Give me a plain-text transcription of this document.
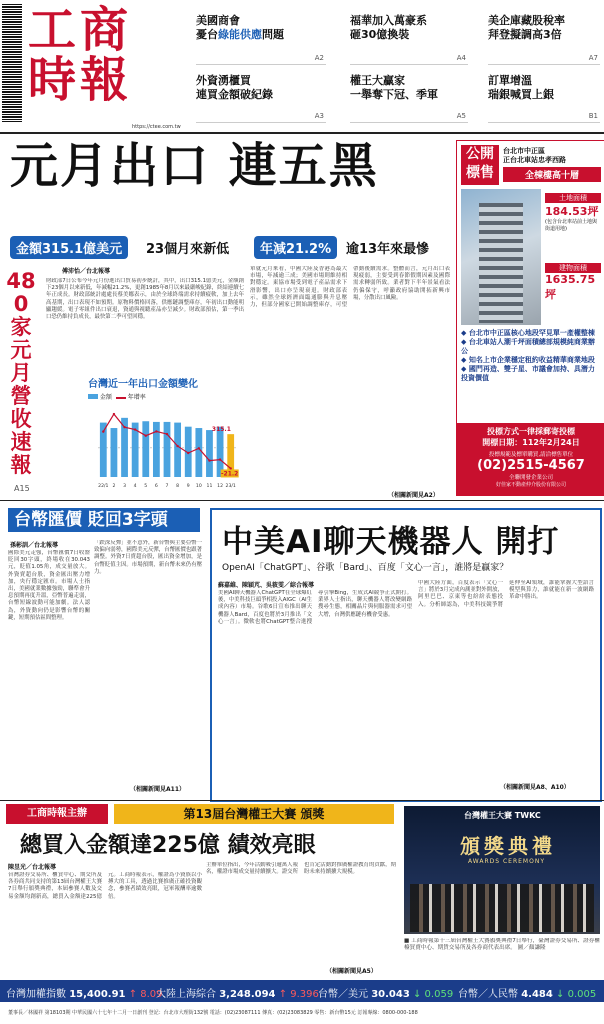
工 商
時 報
https://ctee.com.tw
美國商會
憂台綠能供應問題
A2
福華加入萬豪系
砸30億換裝
A4
美企庫藏股稅率
拜登擬調高3倍
A7
外資湧櫃買
連買金額破紀錄
A3
權王大贏家
一舉奪下冠、季軍
A5
訂單增溫
瑞銀喊買上銀
B1
元月出口 連五黑
金額315.1億美元	23個月來新低	年減21.2%	逾13年來最慘
480家元月營收速報
A15
傅沛怡／台北報導
財政部7日公布今年元月份進出口貿易初步統計，其中，出口315.1億美元，金額創下23個月以來新低，年減幅21.2%，更創1985年8月以來最嚴峻紀錄，終結連續七年正成長。財政部統計處處長蔡美娜表示，由於全球終端需求持續疲軟，加上去年高基期，出口表現不如預期。原物料價格回落，供應鏈調整庫存，年初出口動能明顯趨緩。電子零組件出口衰退，資通與視聽產品亦呈減少。財政部預估，第一季出口恐仍維持負成長，最快第二季可望回穩。
單就元月來看，中國大陸及香港為最大市場，年減逾三成；美國市場則維持相對穩定。東協市場受到電子產品需求下滑影響，出口亦呈現衰退。財政部表示，雖然全球經濟面臨通膨與升息壓力，但部分國家已開始調整庫存，可望帶動後續需求。整體而言，元月出口表現疲弱，主要受到春節假期因素及國際需求轉弱所致。業者對下半年景氣看法仍偏保守，呼籲政府協助開拓新興市場，分散出口風險。
（相關新聞見A2）
台灣近一年出口金額變化
金額	年增率
22/1 2 3 4 5 6 7 8 9 10 11 12 23/1
315.1
-21.2
公開
標售
台北市中正區
正台北車站忠孝西路
全棟樓高十層
土地面積
184.53坪
(包含台北車站前土地與街道用地)
建物面積
1635.75坪
◆ 台北市中正區核心地段罕見單一產權整棟
◆ 台北車站人潮千坪面積總部規模純商業辦公
◆ 知名上市企業穩定租約收益精華商業地段
◆ 國門再造、雙子星、市議會加持、具潛力投資價值
投標方式一律採郵寄投標
開標日期：112年2月24日
投標規範及標單購買,請洽標售單位
(02)2515-4567
全聯開發企業公司
好佳家不動產仲介股份有限公司
台幣匯價 貶回3字頭
孫彬訓／台北報導
國際美元走強，台幣匯價7日收盤貶回30字頭，終場收在30.043元，貶值1.05角，成交量放大。外資賣超台股，資金匯出壓力增加，央行穩定匯市。市場人士指出，美國就業數據強勁，聯準會升息預期再度升溫，亞幣普遍走弱，台幣短線波動可能加劇。法人認為，外資動向仍是影響台幣的關鍵，短期預估區間整理。
「跌深反彈」並不意外，新台幣與主要亞幣一致偏向弱勢，國際美元反彈，台幣匯價也跟著調整。外資7日賣超台股，匯出資金增加，是台幣貶值主因。市場預期，新台幣未來仍有壓力。
（相關新聞見A11）
中美AI聊天機器人 開打
OpenAI「ChatGPT」、谷歌「Bard」、百度「文心一言」，誰將是贏家？
蘇嘉維、陳穎芃、吳筱雯／綜合報導
美國AI聊天機器人ChatGPT在全球爆紅後，中美科技巨頭爭相投入AIGC（AI生成內容）市場。谷歌6日宣布推出聊天機器人Bard，百度也將於3月推出「文心一言」。微軟也將ChatGPT整合進搜尋引擎Bing，生成式AI競爭正式開打。業界人士指出，聊天機器人將改變網路搜尋生態，相關晶片與伺服器需求可望大增，台灣供應鏈有機會受惠。
中國大陸方面，百度表示「文心一言」將於3月完成內測並對外開放，阿里巴巴、京東等也紛紛表態投入。分析師認為，中美科技競爭將延伸至AI領域，誰能掌握大型語言模型與算力，誰就能在新一波網路革命中勝出。
（相關新聞見A8、A10）
工商時報主辦	第13屆台灣權王大賽 頒獎
總買入金額達225億 績效亮眼
陳昱光／台北報導
台灣證券交易所、櫃買中心、期交所及各券商共同支持的第13屆台灣權王大賽7日舉行頒獎典禮，本屆參賽人數及交易金額均創新高，總買入金額達225億元。工商時報表示，權證為小資族以小搏大的工具，透過比賽推廣正確投資觀念，參賽者績效亮眼，冠軍報酬率逾數倍。
主辦單位指出，今年活動吸引逾萬人報名，權證市場成交量持續擴大。證交所也肯定活動對推廣權證教育的貢獻，期盼未來持續擴大規模。
（相關新聞見A5）
台灣權王大賽 TWKC
頒獎典禮
AWARDS CEREMONY
■ 工商時報第十三屆台灣權王大賽頒獎典禮7日舉行，臺灣證券交易所、證券櫃檯買賣中心、期貨交易所及各券商代表出席。 圖／顏謙隆
台灣加權指數 15,400.91 ↑ 8.09
大陸上海綜合 3,248.094 ↑ 9.396 台幣／美元 30.043 ↓ 0.059 台幣／人民幣 4.484 ↓ 0.005
董事長／林國祥 第18103期 中華民國六十七年十二月一日創刊 登記：台北市大理街132號 電話：(02)23087111 傳真：(02)23083829 零售：新台幣15元 訂報專線：0800-000-188
